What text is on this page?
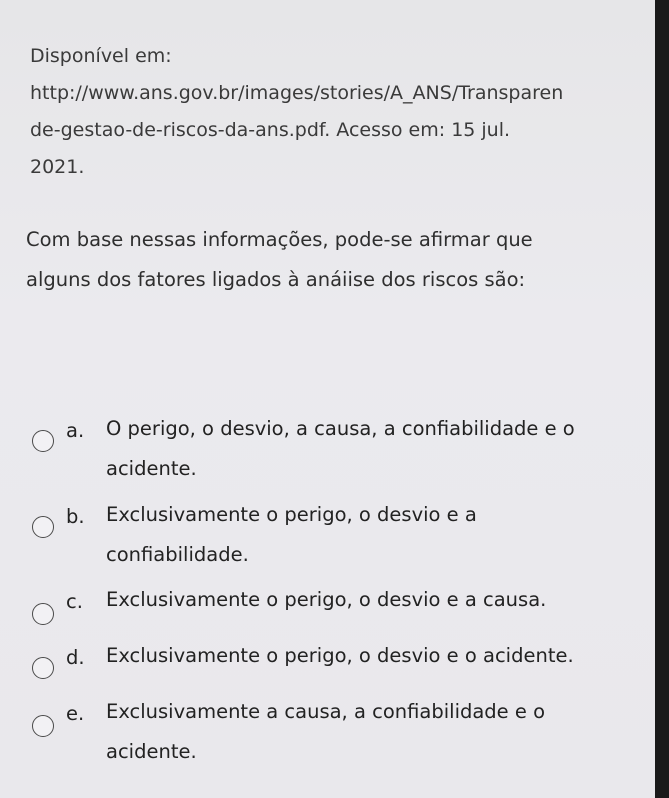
Disponível em:
http://www.ans.gov.br/images/stories/A_ANS/Transparen
de-gestao-de-riscos-da-ans.pdf. Acesso em: 15 jul.
2021.
Com base nessas informações, pode-se afirmar que
alguns dos fatores ligados à anáiise dos riscos são:
a. O perigo, o desvio, a causa, a confiabilidade e o
acidente.
b. Exclusivamente o perigo, o desvio e a
confiabilidade.
c. Exclusivamente o perigo, o desvio e a causa.
d. Exclusivamente o perigo, o desvio e o acidente.
e. Exclusivamente a causa, a confiabilidade e o
acidente.
